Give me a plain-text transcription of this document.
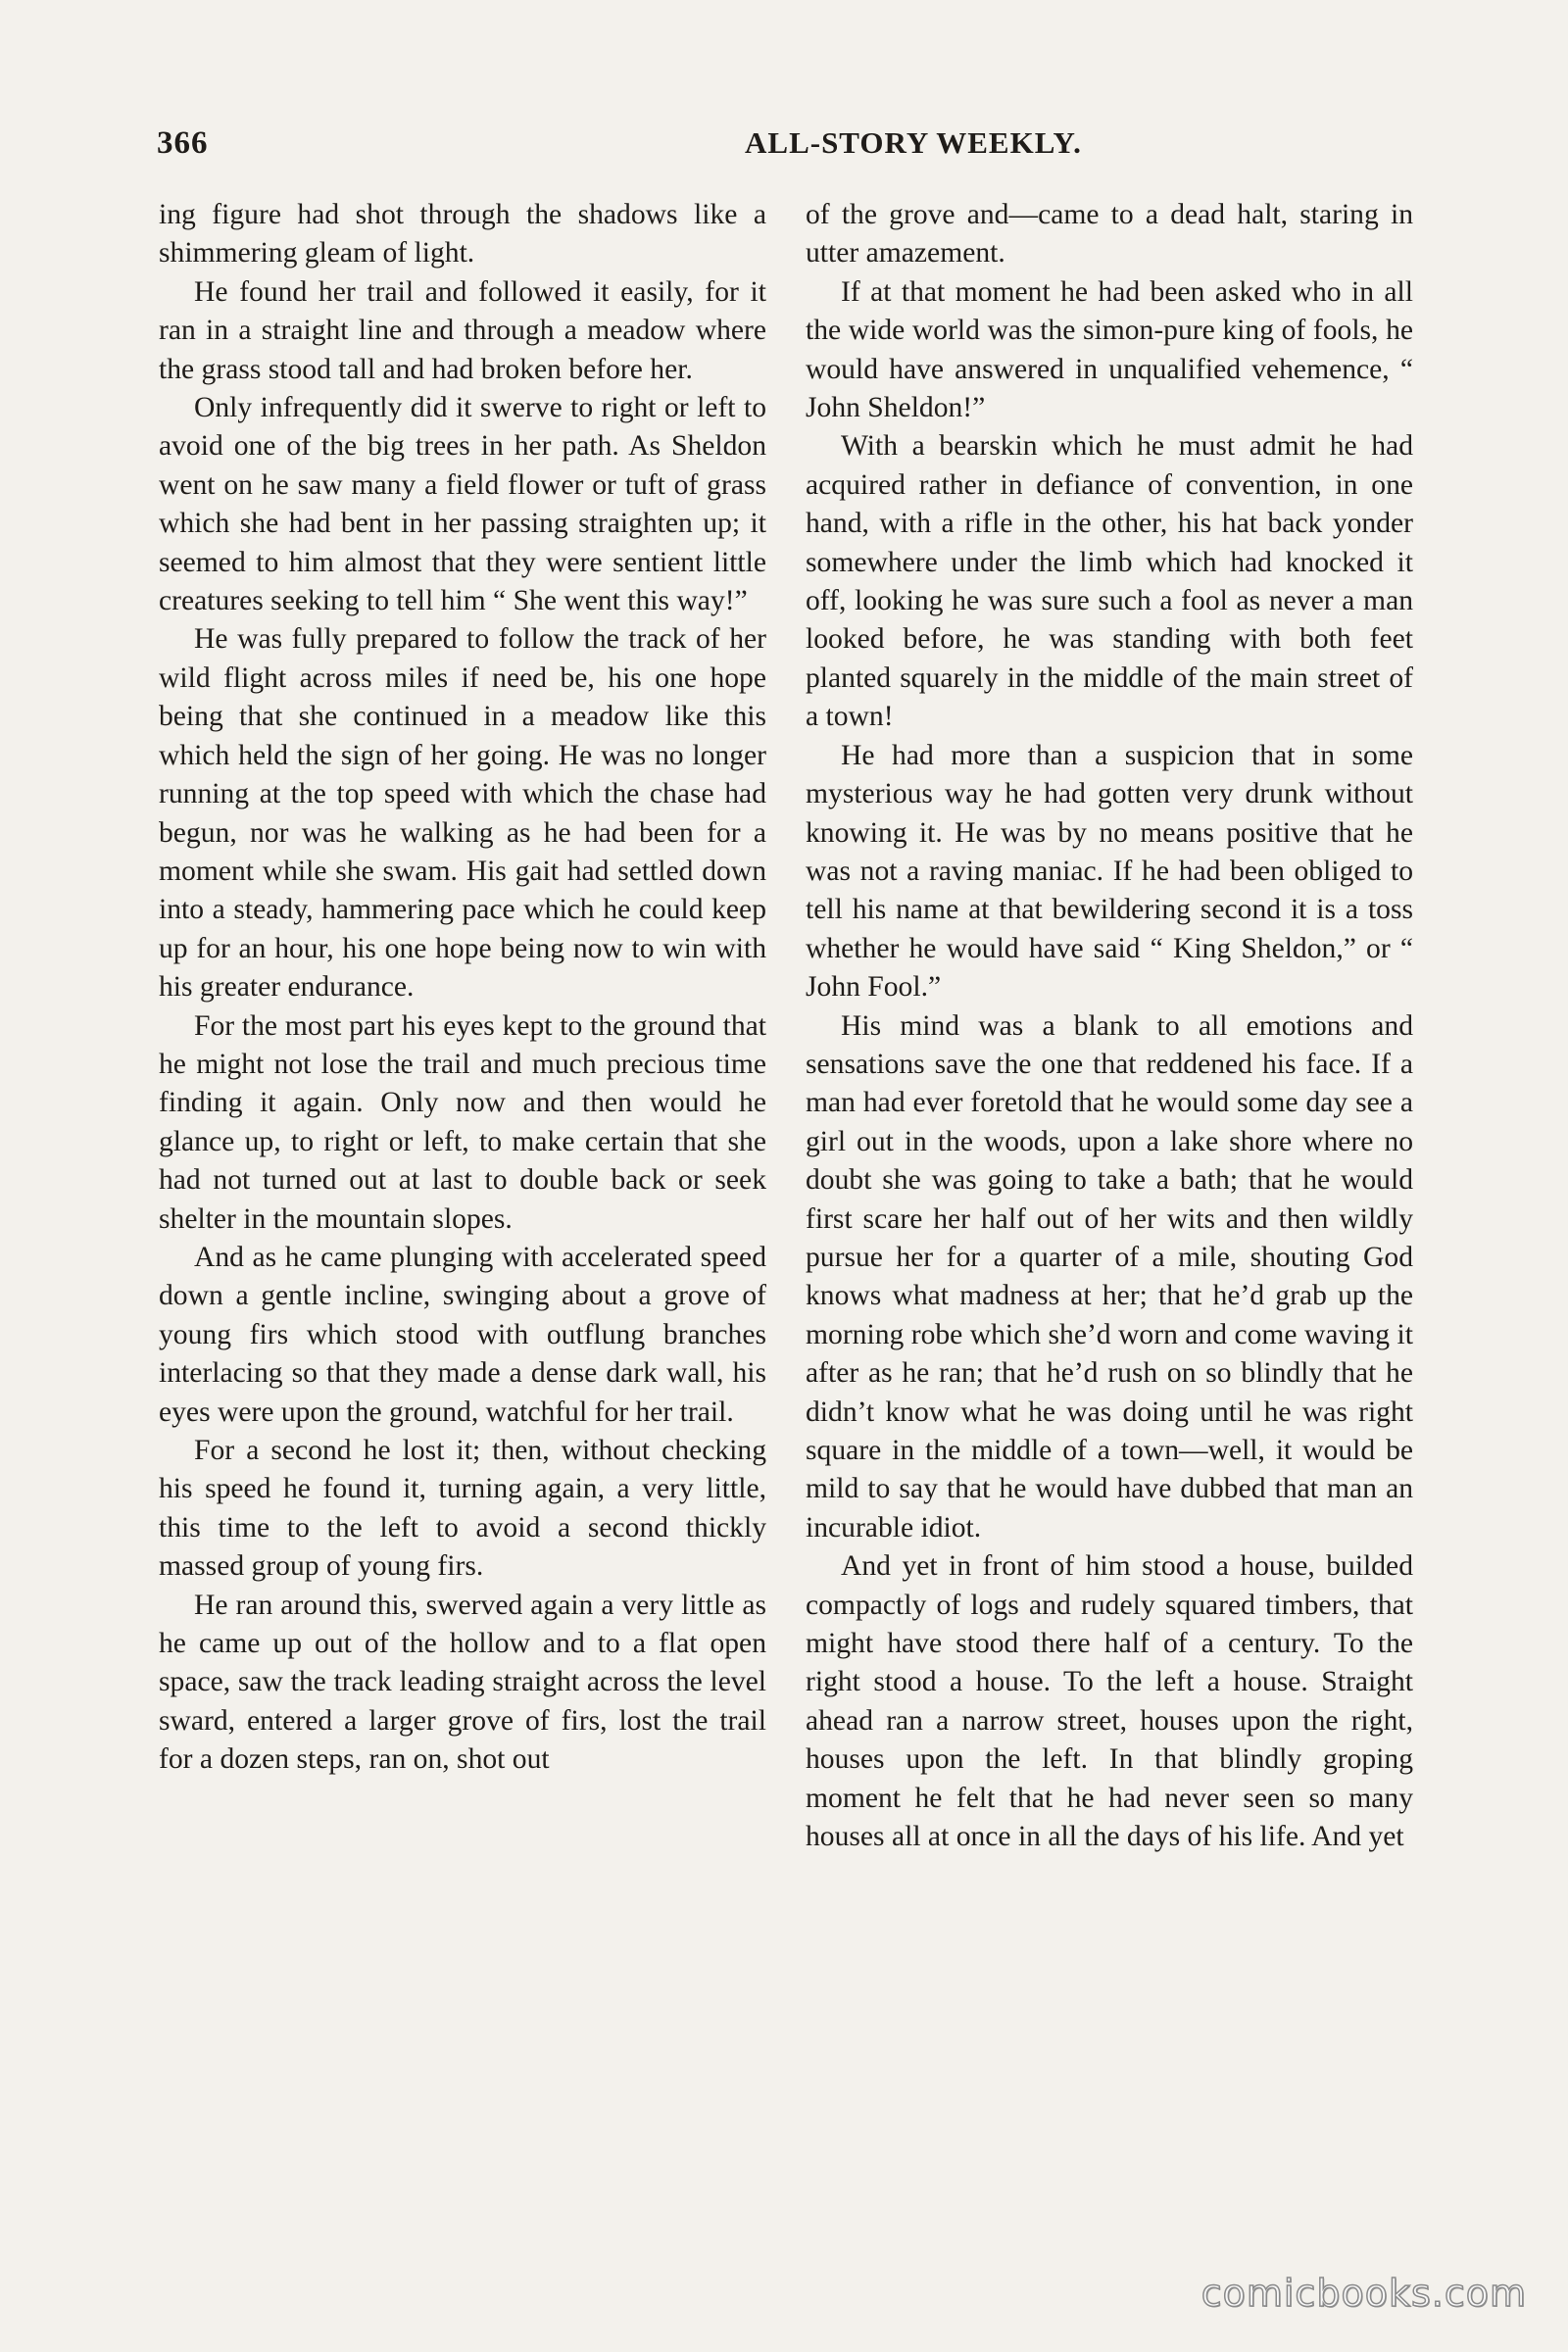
366	ALL-STORY WEEKLY.

ing figure had shot through the shadows like a shimmering gleam of light.

He found her trail and followed it easily, for it ran in a straight line and through a meadow where the grass stood tall and had broken before her.

Only infrequently did it swerve to right or left to avoid one of the big trees in her path. As Sheldon went on he saw many a field flower or tuft of grass which she had bent in her passing straighten up; it seemed to him almost that they were sentient little creatures seeking to tell him “ She went this way!”

He was fully prepared to follow the track of her wild flight across miles if need be, his one hope being that she continued in a meadow like this which held the sign of her going. He was no longer running at the top speed with which the chase had begun, nor was he walking as he had been for a moment while she swam. His gait had settled down into a steady, hammering pace which he could keep up for an hour, his one hope being now to win with his greater endurance.

For the most part his eyes kept to the ground that he might not lose the trail and much precious time finding it again. Only now and then would he glance up, to right or left, to make certain that she had not turned out at last to double back or seek shelter in the mountain slopes.

And as he came plunging with accelerated speed down a gentle incline, swinging about a grove of young firs which stood with outflung branches interlacing so that they made a dense dark wall, his eyes were upon the ground, watchful for her trail.

For a second he lost it; then, without checking his speed he found it, turning again, a very little, this time to the left to avoid a second thickly massed group of young firs.

He ran around this, swerved again a very little as he came up out of the hollow and to a flat open space, saw the track leading straight across the level sward, entered a larger grove of firs, lost the trail for a dozen steps, ran on, shot out

of the grove and—came to a dead halt, staring in utter amazement.

If at that moment he had been asked who in all the wide world was the simon-pure king of fools, he would have answered in unqualified vehemence, “ John Sheldon!”

With a bearskin which he must admit he had acquired rather in defiance of convention, in one hand, with a rifle in the other, his hat back yonder somewhere under the limb which had knocked it off, looking he was sure such a fool as never a man looked before, he was standing with both feet planted squarely in the middle of the main street of a town!

He had more than a suspicion that in some mysterious way he had gotten very drunk without knowing it. He was by no means positive that he was not a raving maniac. If he had been obliged to tell his name at that bewildering second it is a toss whether he would have said “ King Sheldon,” or “ John Fool.”

His mind was a blank to all emotions and sensations save the one that reddened his face. If a man had ever foretold that he would some day see a girl out in the woods, upon a lake shore where no doubt she was going to take a bath; that he would first scare her half out of her wits and then wildly pursue her for a quarter of a mile, shouting God knows what madness at her; that he’d grab up the morning robe which she’d worn and come waving it after as he ran; that he’d rush on so blindly that he didn’t know what he was doing until he was right square in the middle of a town—well, it would be mild to say that he would have dubbed that man an incurable idiot.

And yet in front of him stood a house, builded compactly of logs and rudely squared timbers, that might have stood there half of a century. To the right stood a house. To the left a house. Straight ahead ran a narrow street, houses upon the right, houses upon the left. In that blindly groping moment he felt that he had never seen so many houses all at once in all the days of his life. And yet

comicbooks.com
